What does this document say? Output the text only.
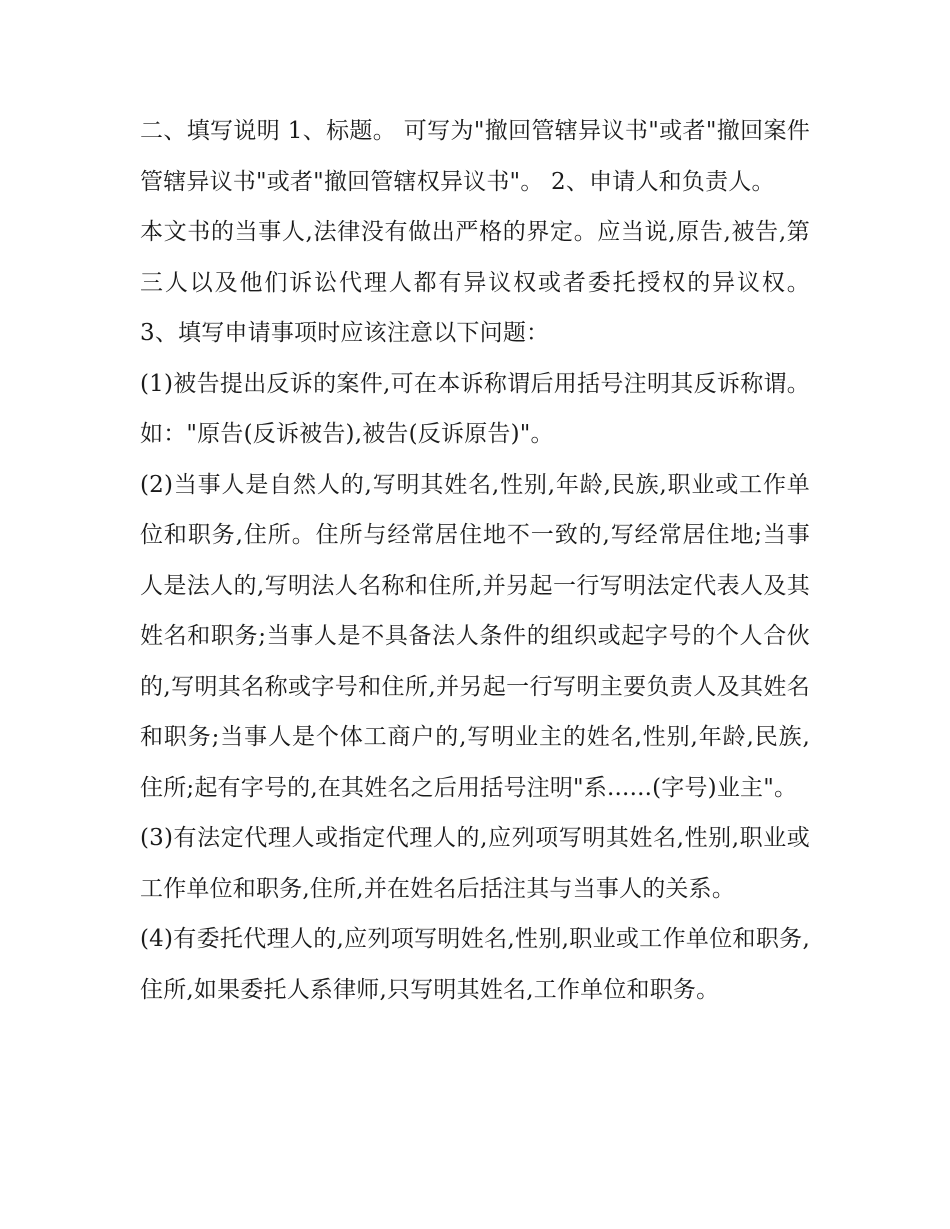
二、填写说明 1、标题。 可写为"撤回管辖异议书"或者"撤回案件管辖异议书"或者"撤回管辖权异议书"。 2、申请人和负责人。

本文书的当事人,法律没有做出严格的界定。应当说,原告,被告,第三人以及他们诉讼代理人都有异议权或者委托授权的异议权。 3、填写申请事项时应该注意以下问题：

(1)被告提出反诉的案件,可在本诉称谓后用括号注明其反诉称谓。如："原告(反诉被告),被告(反诉原告)"。

(2)当事人是自然人的,写明其姓名,性别,年龄,民族,职业或工作单位和职务,住所。住所与经常居住地不一致的,写经常居住地;当事人是法人的,写明法人名称和住所,并另起一行写明法定代表人及其姓名和职务;当事人是不具备法人条件的组织或起字号的个人合伙的,写明其名称或字号和住所,并另起一行写明主要负责人及其姓名和职务;当事人是个体工商户的,写明业主的姓名,性别,年龄,民族,住所;起有字号的,在其姓名之后用括号注明"系......(字号)业主"。

(3)有法定代理人或指定代理人的,应列项写明其姓名,性别,职业或工作单位和职务,住所,并在姓名后括注其与当事人的关系。

(4)有委托代理人的,应列项写明姓名,性别,职业或工作单位和职务,住所,如果委托人系律师,只写明其姓名,工作单位和职务。
